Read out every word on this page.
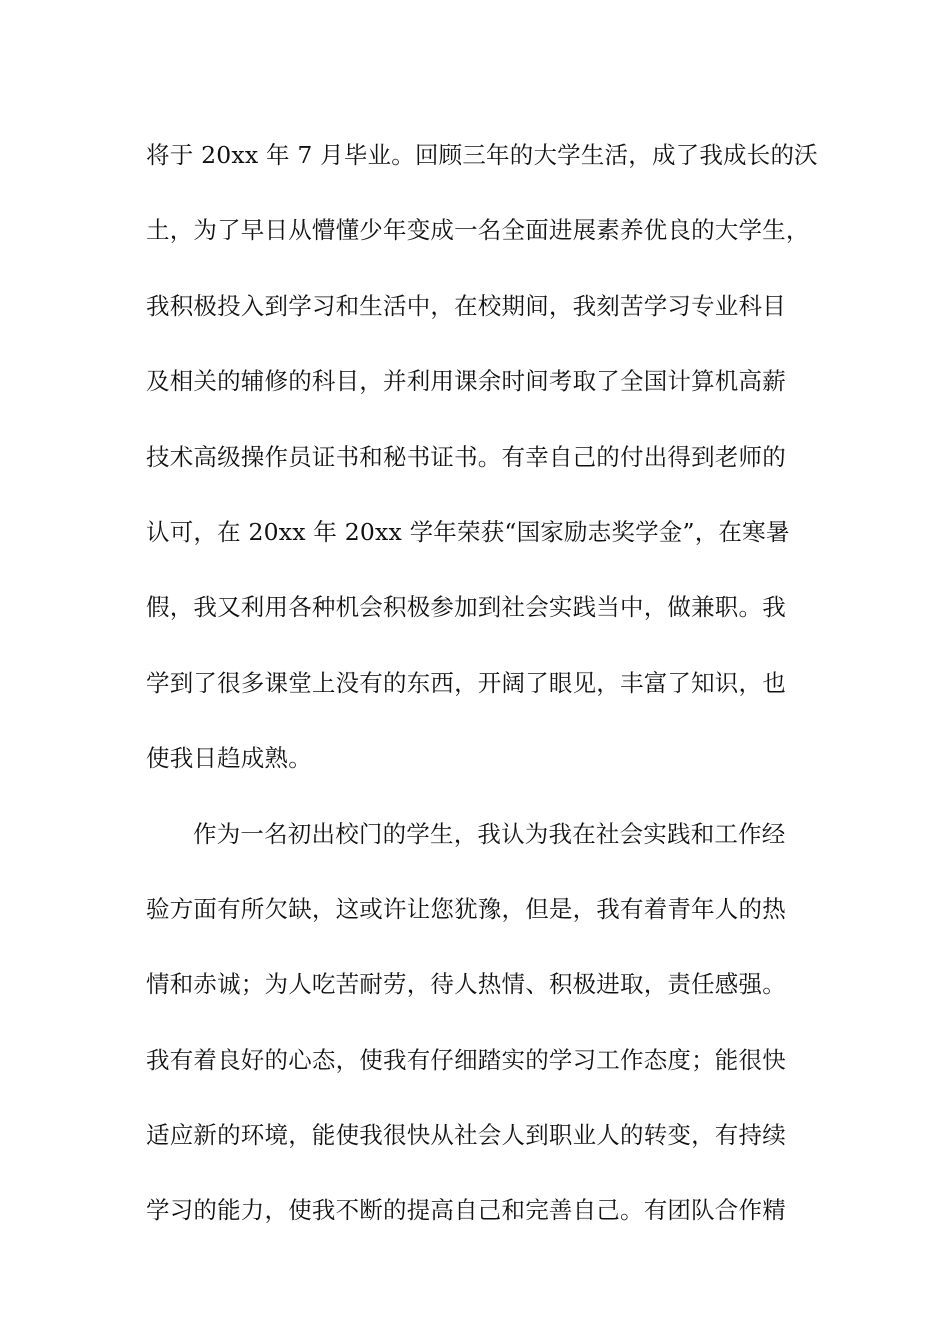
将于 20xx 年 7 月毕业。回顾三年的大学生活，成了我成长的沃
土，为了早日从懵懂少年变成一名全面进展素养优良的大学生，
我积极投入到学习和生活中，在校期间，我刻苦学习专业科目
及相关的辅修的科目，并利用课余时间考取了全国计算机高薪
技术高级操作员证书和秘书证书。有幸自己的付出得到老师的
认可，在 20xx 年 20xx 学年荣获“国家励志奖学金”，在寒暑
假，我又利用各种机会积极参加到社会实践当中，做兼职。我
学到了很多课堂上没有的东西，开阔了眼见，丰富了知识，也
使我日趋成熟。
作为一名初出校门的学生，我认为我在社会实践和工作经
验方面有所欠缺，这或许让您犹豫，但是，我有着青年人的热
情和赤诚；为人吃苦耐劳，待人热情、积极进取，责任感强。
我有着良好的心态，使我有仔细踏实的学习工作态度；能很快
适应新的环境，能使我很快从社会人到职业人的转变，有持续
学习的能力，使我不断的提高自己和完善自己。有团队合作精
